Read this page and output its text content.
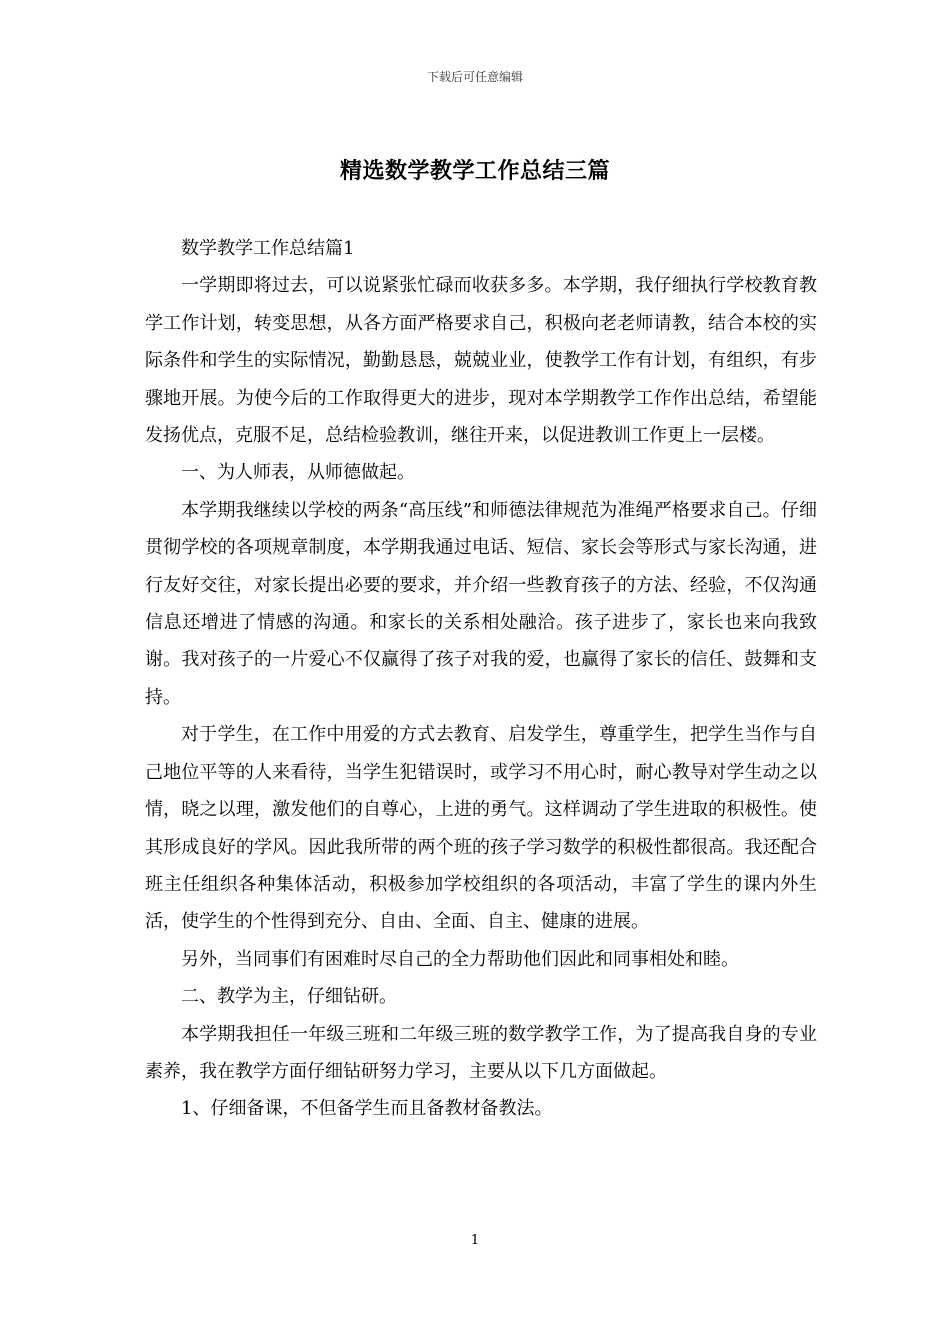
下载后可任意编辑
精选数学教学工作总结三篇

数学教学工作总结篇1

一学期即将过去，可以说紧张忙碌而收获多多。本学期，我仔细执行学校教育教学工作计划，转变思想，从各方面严格要求自己，积极向老老师请教，结合本校的实际条件和学生的实际情况，勤勤恳恳，兢兢业业，使教学工作有计划，有组织，有步骤地开展。为使今后的工作取得更大的进步，现对本学期教学工作作出总结，希望能发扬优点，克服不足，总结检验教训，继往开来，以促进教训工作更上一层楼。

一、为人师表，从师德做起。

本学期我继续以学校的两条“高压线”和师德法律规范为准绳严格要求自己。仔细贯彻学校的各项规章制度，本学期我通过电话、短信、家长会等形式与家长沟通，进行友好交往，对家长提出必要的要求，并介绍一些教育孩子的方法、经验，不仅沟通信息还增进了情感的沟通。和家长的关系相处融洽。孩子进步了，家长也来向我致谢。我对孩子的一片爱心不仅赢得了孩子对我的爱，也赢得了家长的信任、鼓舞和支持。

对于学生，在工作中用爱的方式去教育、启发学生，尊重学生，把学生当作与自己地位平等的人来看待，当学生犯错误时，或学习不用心时，耐心教导对学生动之以情，晓之以理，激发他们的自尊心，上进的勇气。这样调动了学生进取的积极性。使其形成良好的学风。因此我所带的两个班的孩子学习数学的积极性都很高。我还配合班主任组织各种集体活动，积极参加学校组织的各项活动，丰富了学生的课内外生活，使学生的个性得到充分、自由、全面、自主、健康的进展。

另外，当同事们有困难时尽自己的全力帮助他们因此和同事相处和睦。

二、教学为主，仔细钻研。

本学期我担任一年级三班和二年级三班的数学教学工作，为了提高我自身的专业素养，我在教学方面仔细钻研努力学习，主要从以下几方面做起。

1、仔细备课，不但备学生而且备教材备教法。

1
